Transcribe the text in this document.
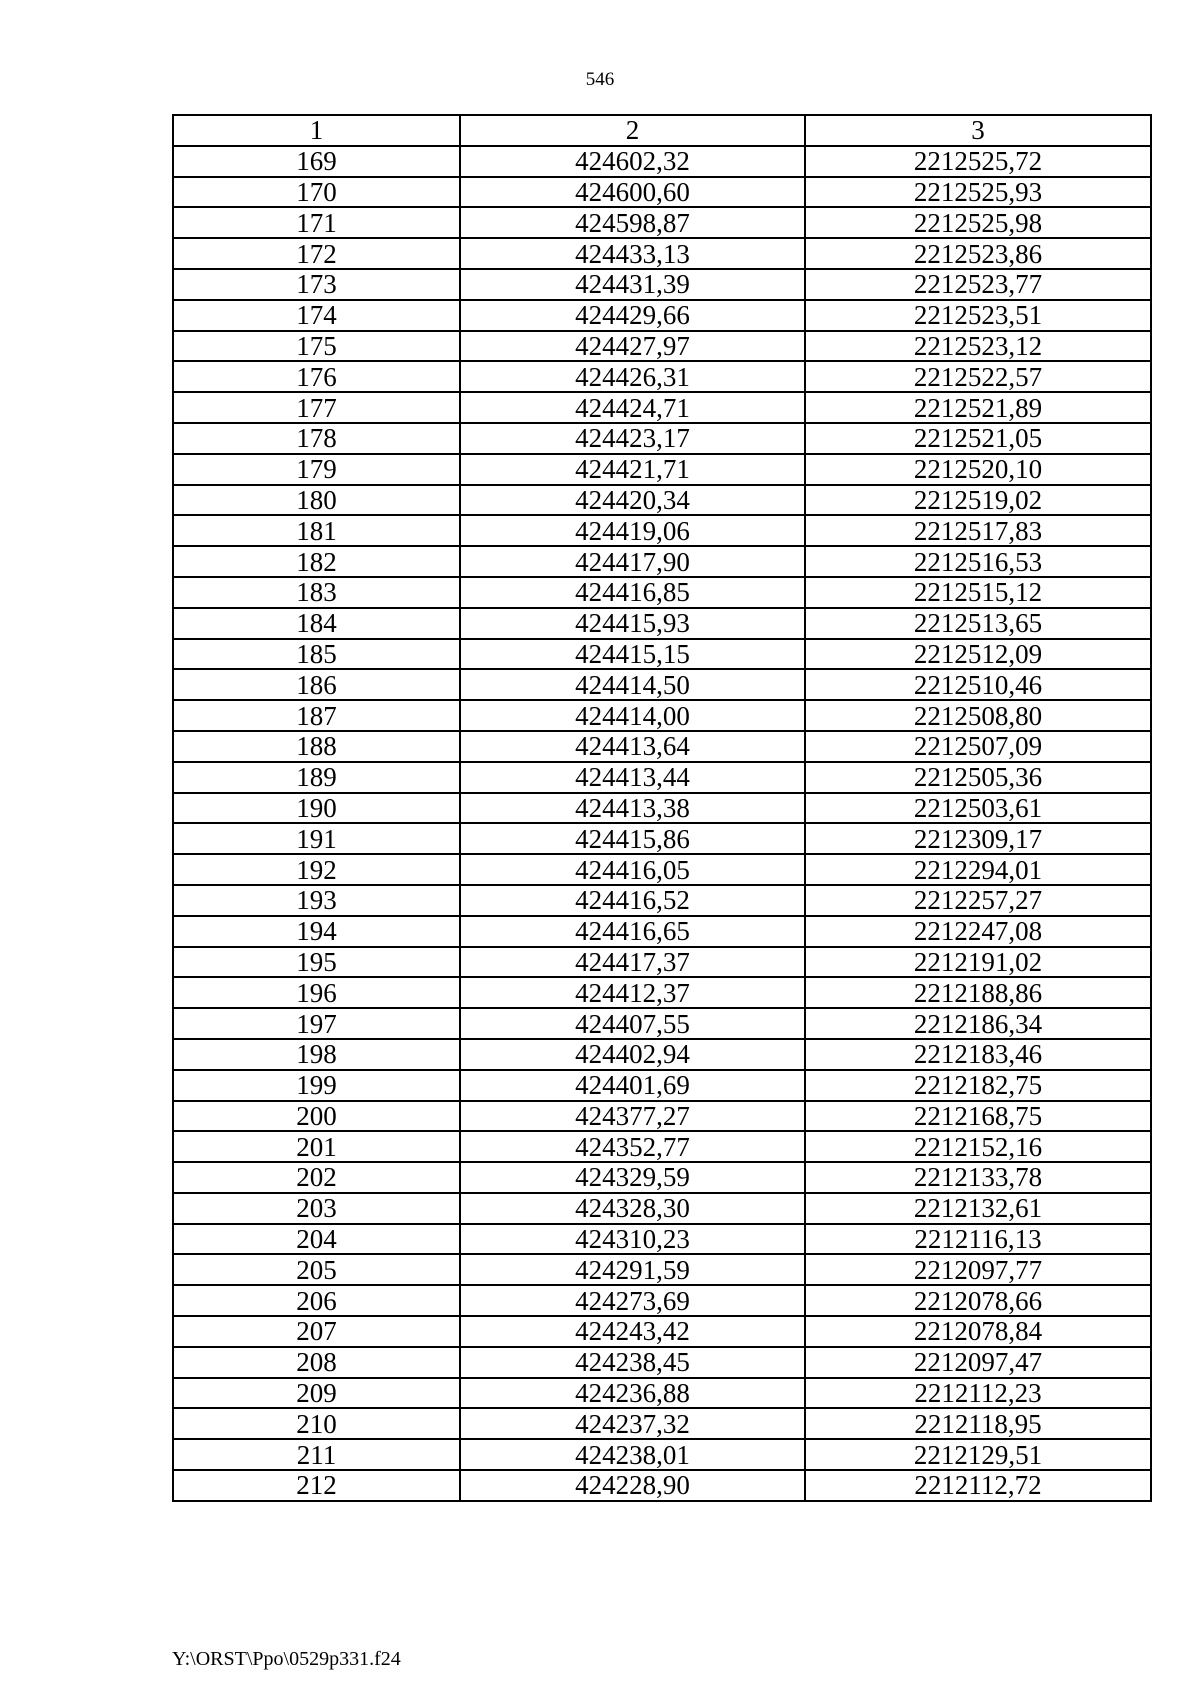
546
1	2	3
169	424602,32	2212525,72
170	424600,60	2212525,93
171	424598,87	2212525,98
172	424433,13	2212523,86
173	424431,39	2212523,77
174	424429,66	2212523,51
175	424427,97	2212523,12
176	424426,31	2212522,57
177	424424,71	2212521,89
178	424423,17	2212521,05
179	424421,71	2212520,10
180	424420,34	2212519,02
181	424419,06	2212517,83
182	424417,90	2212516,53
183	424416,85	2212515,12
184	424415,93	2212513,65
185	424415,15	2212512,09
186	424414,50	2212510,46
187	424414,00	2212508,80
188	424413,64	2212507,09
189	424413,44	2212505,36
190	424413,38	2212503,61
191	424415,86	2212309,17
192	424416,05	2212294,01
193	424416,52	2212257,27
194	424416,65	2212247,08
195	424417,37	2212191,02
196	424412,37	2212188,86
197	424407,55	2212186,34
198	424402,94	2212183,46
199	424401,69	2212182,75
200	424377,27	2212168,75
201	424352,77	2212152,16
202	424329,59	2212133,78
203	424328,30	2212132,61
204	424310,23	2212116,13
205	424291,59	2212097,77
206	424273,69	2212078,66
207	424243,42	2212078,84
208	424238,45	2212097,47
209	424236,88	2212112,23
210	424237,32	2212118,95
211	424238,01	2212129,51
212	424228,90	2212112,72
Y:\ORST\Ppo\0529p331.f24
